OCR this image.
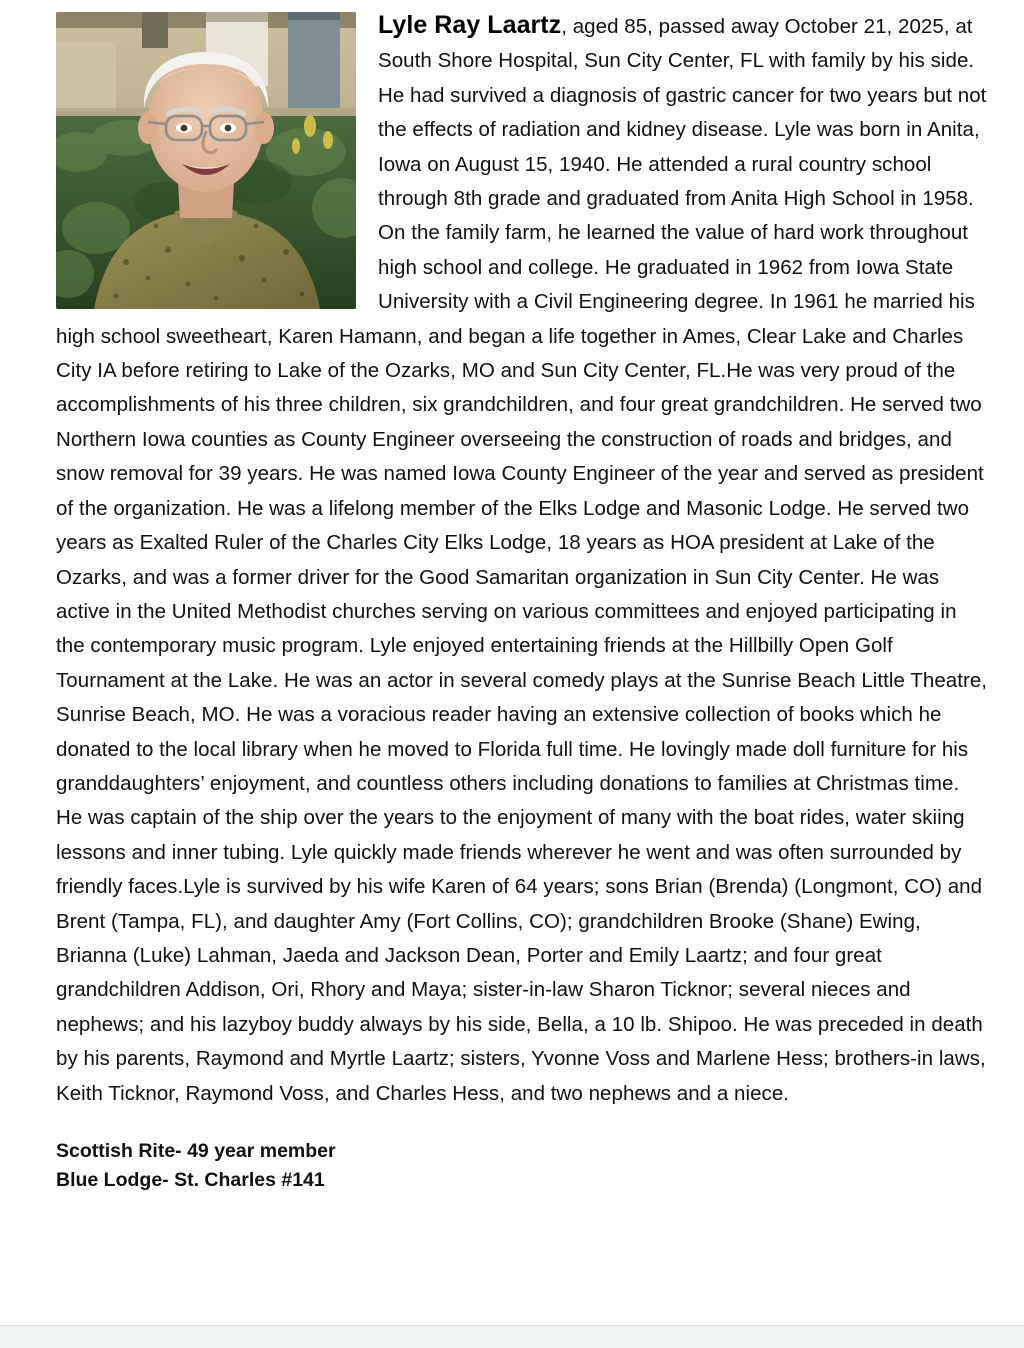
Lyle Ray Laartz, aged 85, passed away October 21, 2025, at South Shore Hospital, Sun City Center, FL with family by his side. He had survived a diagnosis of gastric cancer for two years but not the effects of radiation and kidney disease. Lyle was born in Anita, Iowa on August 15, 1940. He attended a rural country school through 8th grade and graduated from Anita High School in 1958. On the family farm, he learned the value of hard work throughout high school and college. He graduated in 1962 from Iowa State University with a Civil Engineering degree. In 1961 he married his high school sweetheart, Karen Hamann, and began a life together in Ames, Clear Lake and Charles City IA before retiring to Lake of the Ozarks, MO and Sun City Center, FL.He was very proud of the accomplishments of his three children, six grandchildren, and four great grandchildren. He served two Northern Iowa counties as County Engineer overseeing the construction of roads and bridges, and snow removal for 39 years. He was named Iowa County Engineer of the year and served as president of the organization. He was a lifelong member of the Elks Lodge and Masonic Lodge. He served two years as Exalted Ruler of the Charles City Elks Lodge, 18 years as HOA president at Lake of the Ozarks, and was a former driver for the Good Samaritan organization in Sun City Center. He was active in the United Methodist churches serving on various committees and enjoyed participating in the contemporary music program. Lyle enjoyed entertaining friends at the Hillbilly Open Golf Tournament at the Lake. He was an actor in several comedy plays at the Sunrise Beach Little Theatre, Sunrise Beach, MO. He was a voracious reader having an extensive collection of books which he donated to the local library when he moved to Florida full time. He lovingly made doll furniture for his granddaughters’ enjoyment, and countless others including donations to families at Christmas time. He was captain of the ship over the years to the enjoyment of many with the boat rides, water skiing lessons and inner tubing. Lyle quickly made friends wherever he went and was often surrounded by friendly faces.Lyle is survived by his wife Karen of 64 years; sons Brian (Brenda) (Longmont, CO) and Brent (Tampa, FL), and daughter Amy (Fort Collins, CO); grandchildren Brooke (Shane) Ewing, Brianna (Luke) Lahman, Jaeda and Jackson Dean, Porter and Emily Laartz; and four great grandchildren Addison, Ori, Rhory and Maya; sister-in-law Sharon Ticknor; several nieces and nephews; and his lazyboy buddy always by his side, Bella, a 10 lb. Shipoo. He was preceded in death by his parents, Raymond and Myrtle Laartz; sisters, Yvonne Voss and Marlene Hess; brothers-in laws, Keith Ticknor, Raymond Voss, and Charles Hess, and two nephews and a niece.
Scottish Rite- 49 year member
Blue Lodge- St. Charles #141
